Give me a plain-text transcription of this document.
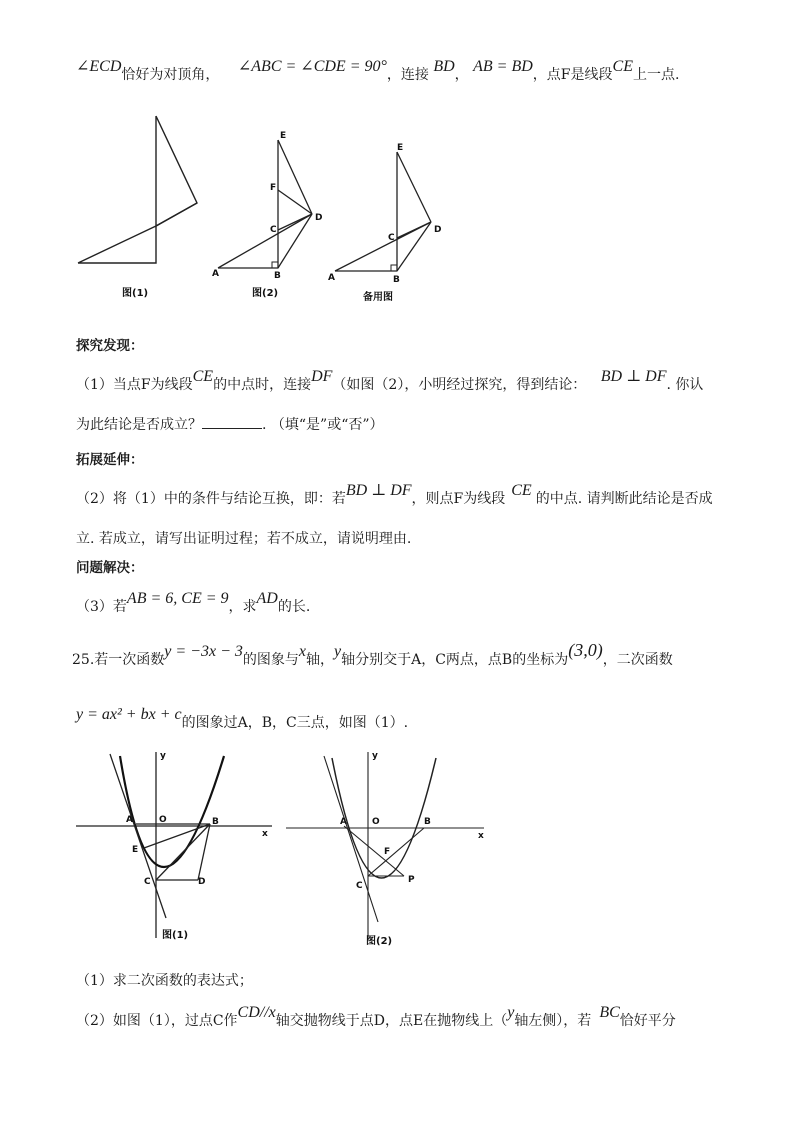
∠ECD恰好为对顶角， ∠ABC = ∠CDE = 90°，连接 BD， AB = BD，点F是线段CE上一点.
图(1)
E
F
C
D
A	B
图(2)
E
C
D
A	B
备用图
探究发现：
（1）当点F为线段CE的中点时，连接DF（如图（2），小明经过探究，得到结论： BD ⊥ DF. 你认
为此结论是否成立？	. （填“是”或“否”）
拓展延伸：
（2）将（1）中的条件与结论互换，即：若BD ⊥ DF，则点F为线段 CE 的中点. 请判断此结论是否成
立. 若成立，请写出证明过程；若不成立，请说明理由.
问题解决：
（3）若AB = 6, CE = 9，求AD的长.
25.若一次函数y = −3x − 3的图象与x轴，y轴分别交于A，C两点，点B的坐标为(3,0)，二次函数
y = ax² + bx + c的图象过A，B，C三点，如图（1）.
y
A	O	B
x
E
C	D
图(1)
y
A	O	B
x
F
C
P
图(2)
（1）求二次函数的表达式；
（2）如图（1），过点C作CD//x轴交抛物线于点D，点E在抛物线上（y轴左侧），若 BC恰好平分
